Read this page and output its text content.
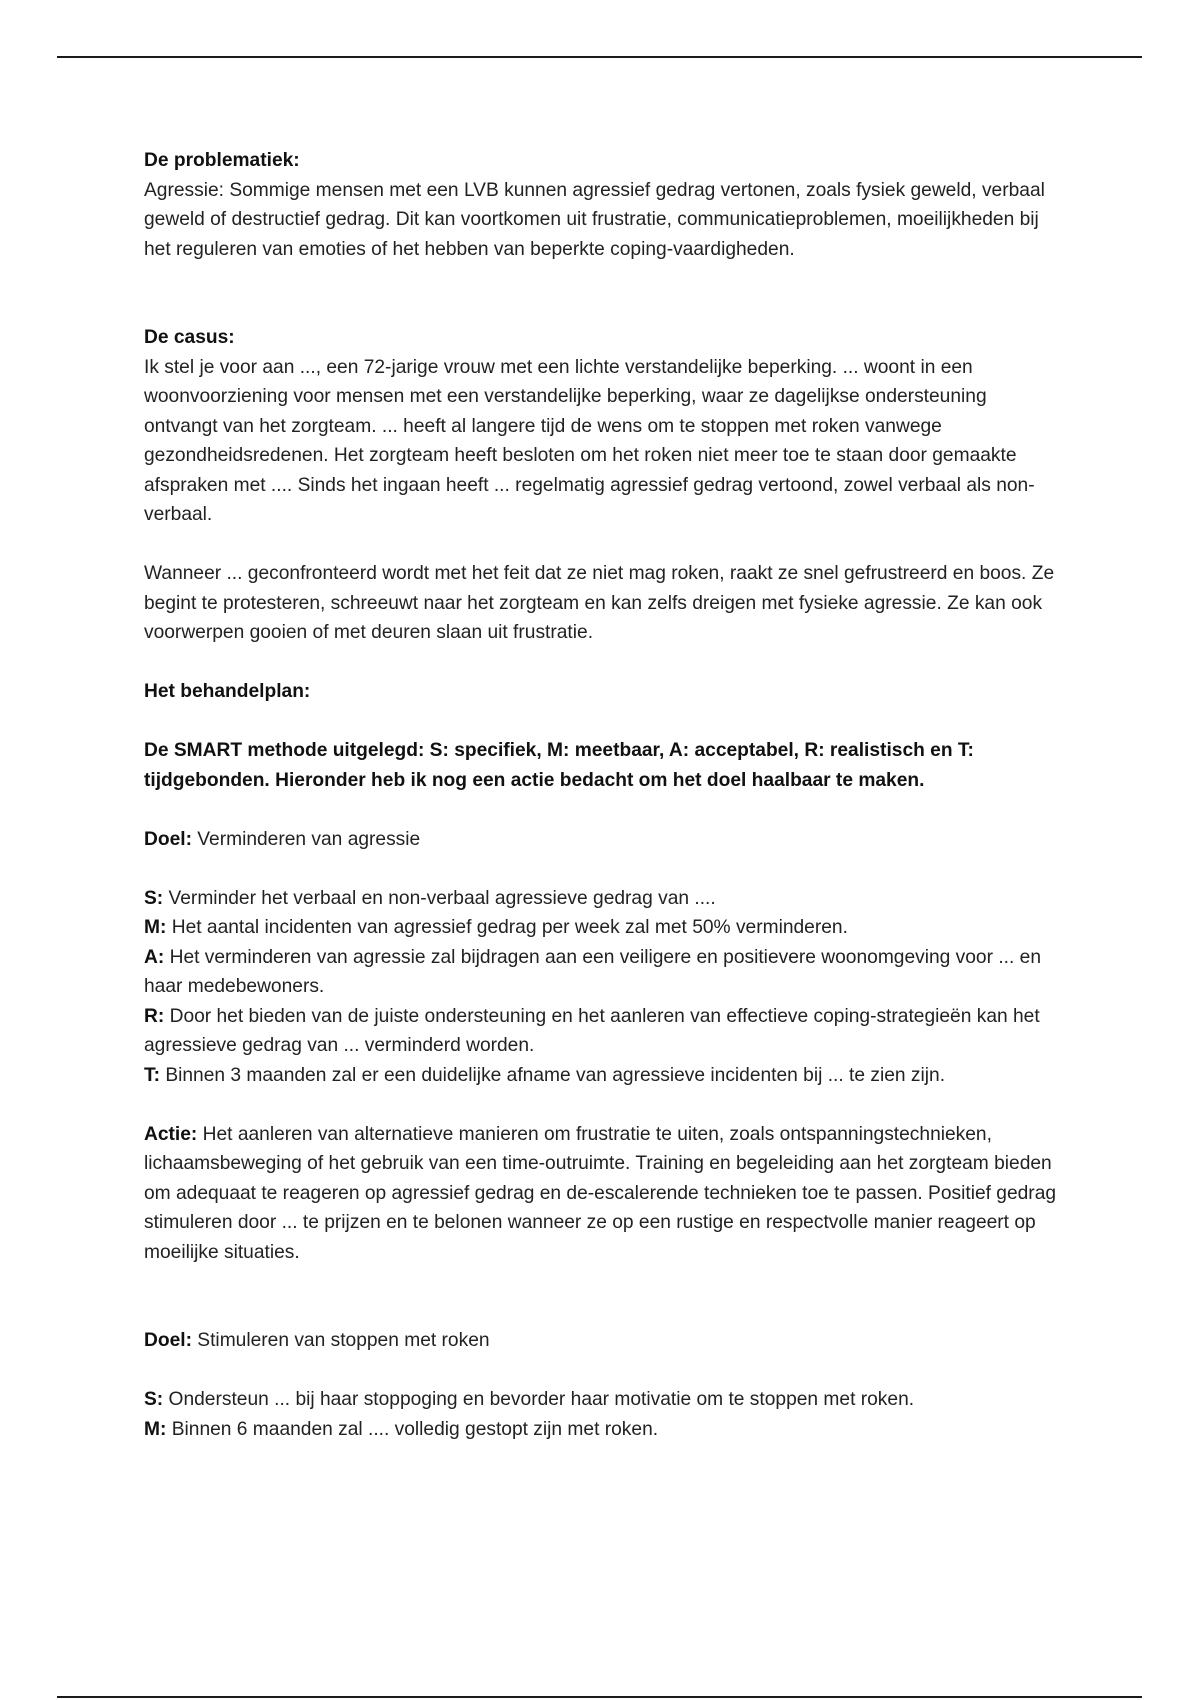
De problematiek:

Agressie: Sommige mensen met een LVB kunnen agressief gedrag vertonen, zoals fysiek geweld, verbaal geweld of destructief gedrag. Dit kan voortkomen uit frustratie, communicatieproblemen, moeilijkheden bij het reguleren van emoties of het hebben van beperkte coping-vaardigheden.

De casus:

Ik stel je voor aan ..., een 72-jarige vrouw met een lichte verstandelijke beperking. ... woont in een woonvoorziening voor mensen met een verstandelijke beperking, waar ze dagelijkse ondersteuning ontvangt van het zorgteam. ... heeft al langere tijd de wens om te stoppen met roken vanwege gezondheidsredenen. Het zorgteam heeft besloten om het roken niet meer toe te staan door gemaakte afspraken met .... Sinds het ingaan heeft ... regelmatig agressief gedrag vertoond, zowel verbaal als non-verbaal.

Wanneer ... geconfronteerd wordt met het feit dat ze niet mag roken, raakt ze snel gefrustreerd en boos. Ze begint te protesteren, schreeuwt naar het zorgteam en kan zelfs dreigen met fysieke agressie. Ze kan ook voorwerpen gooien of met deuren slaan uit frustratie.

Het behandelplan:

De SMART methode uitgelegd: S: specifiek, M: meetbaar, A: acceptabel, R: realistisch en T: tijdgebonden. Hieronder heb ik nog een actie bedacht om het doel haalbaar te maken.

Doel: Verminderen van agressie

S: Verminder het verbaal en non-verbaal agressieve gedrag van ....

M: Het aantal incidenten van agressief gedrag per week zal met 50% verminderen.

A: Het verminderen van agressie zal bijdragen aan een veiligere en positievere woonomgeving voor ... en haar medebewoners.

R: Door het bieden van de juiste ondersteuning en het aanleren van effectieve coping-strategieën kan het agressieve gedrag van ... verminderd worden.

T: Binnen 3 maanden zal er een duidelijke afname van agressieve incidenten bij ... te zien zijn.

Actie: Het aanleren van alternatieve manieren om frustratie te uiten, zoals ontspanningstechnieken, lichaamsbeweging of het gebruik van een time-outruimte. Training en begeleiding aan het zorgteam bieden om adequaat te reageren op agressief gedrag en de-escalerende technieken toe te passen. Positief gedrag stimuleren door ... te prijzen en te belonen wanneer ze op een rustige en respectvolle manier reageert op moeilijke situaties.

Doel: Stimuleren van stoppen met roken

S: Ondersteun ... bij haar stoppoging en bevorder haar motivatie om te stoppen met roken.

M: Binnen 6 maanden zal .... volledig gestopt zijn met roken.
